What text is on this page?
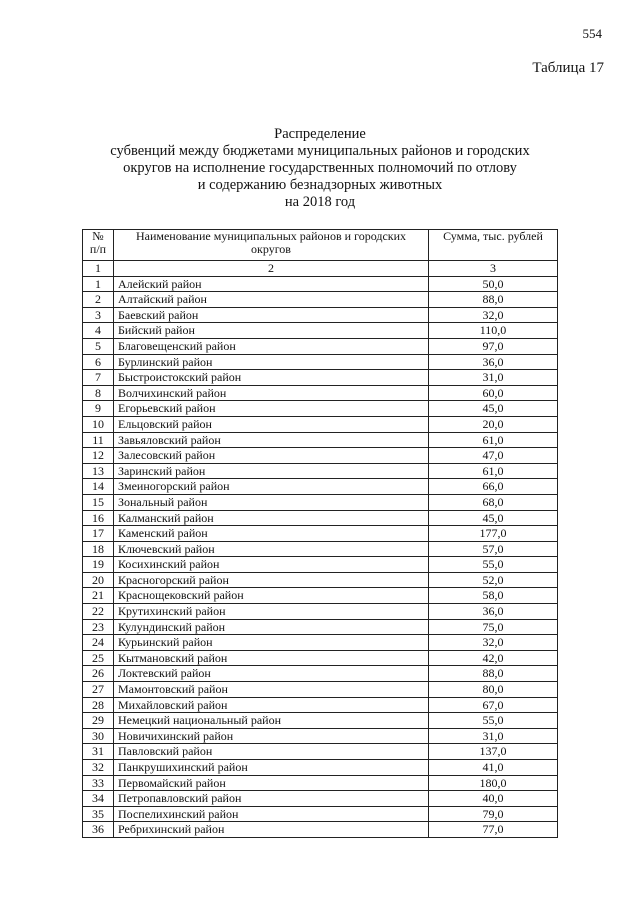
554
Таблица 17
Распределение
субвенций между бюджетами муниципальных районов и городских
округов на исполнение государственных полномочий по отлову
и содержанию безнадзорных животных
на 2018 год
№ п/п	Наименование муниципальных районов и городских округов	Сумма, тыс. рублей
1	2	3
1	Алейский район	50,0
2	Алтайский район	88,0
3	Баевский район	32,0
4	Бийский район	110,0
5	Благовещенский район	97,0
6	Бурлинский район	36,0
7	Быстроистокский район	31,0
8	Волчихинский район	60,0
9	Егорьевский район	45,0
10	Ельцовский район	20,0
11	Завьяловский район	61,0
12	Залесовский район	47,0
13	Заринский район	61,0
14	Змеиногорский район	66,0
15	Зональный район	68,0
16	Калманский район	45,0
17	Каменский район	177,0
18	Ключевский район	57,0
19	Косихинский район	55,0
20	Красногорский район	52,0
21	Краснощековский район	58,0
22	Крутихинский район	36,0
23	Кулундинский район	75,0
24	Курьинский район	32,0
25	Кытмановский район	42,0
26	Локтевский район	88,0
27	Мамонтовский район	80,0
28	Михайловский район	67,0
29	Немецкий национальный район	55,0
30	Новичихинский район	31,0
31	Павловский район	137,0
32	Панкрушихинский район	41,0
33	Первомайский район	180,0
34	Петропавловский район	40,0
35	Поспелихинский район	79,0
36	Ребрихинский район	77,0
